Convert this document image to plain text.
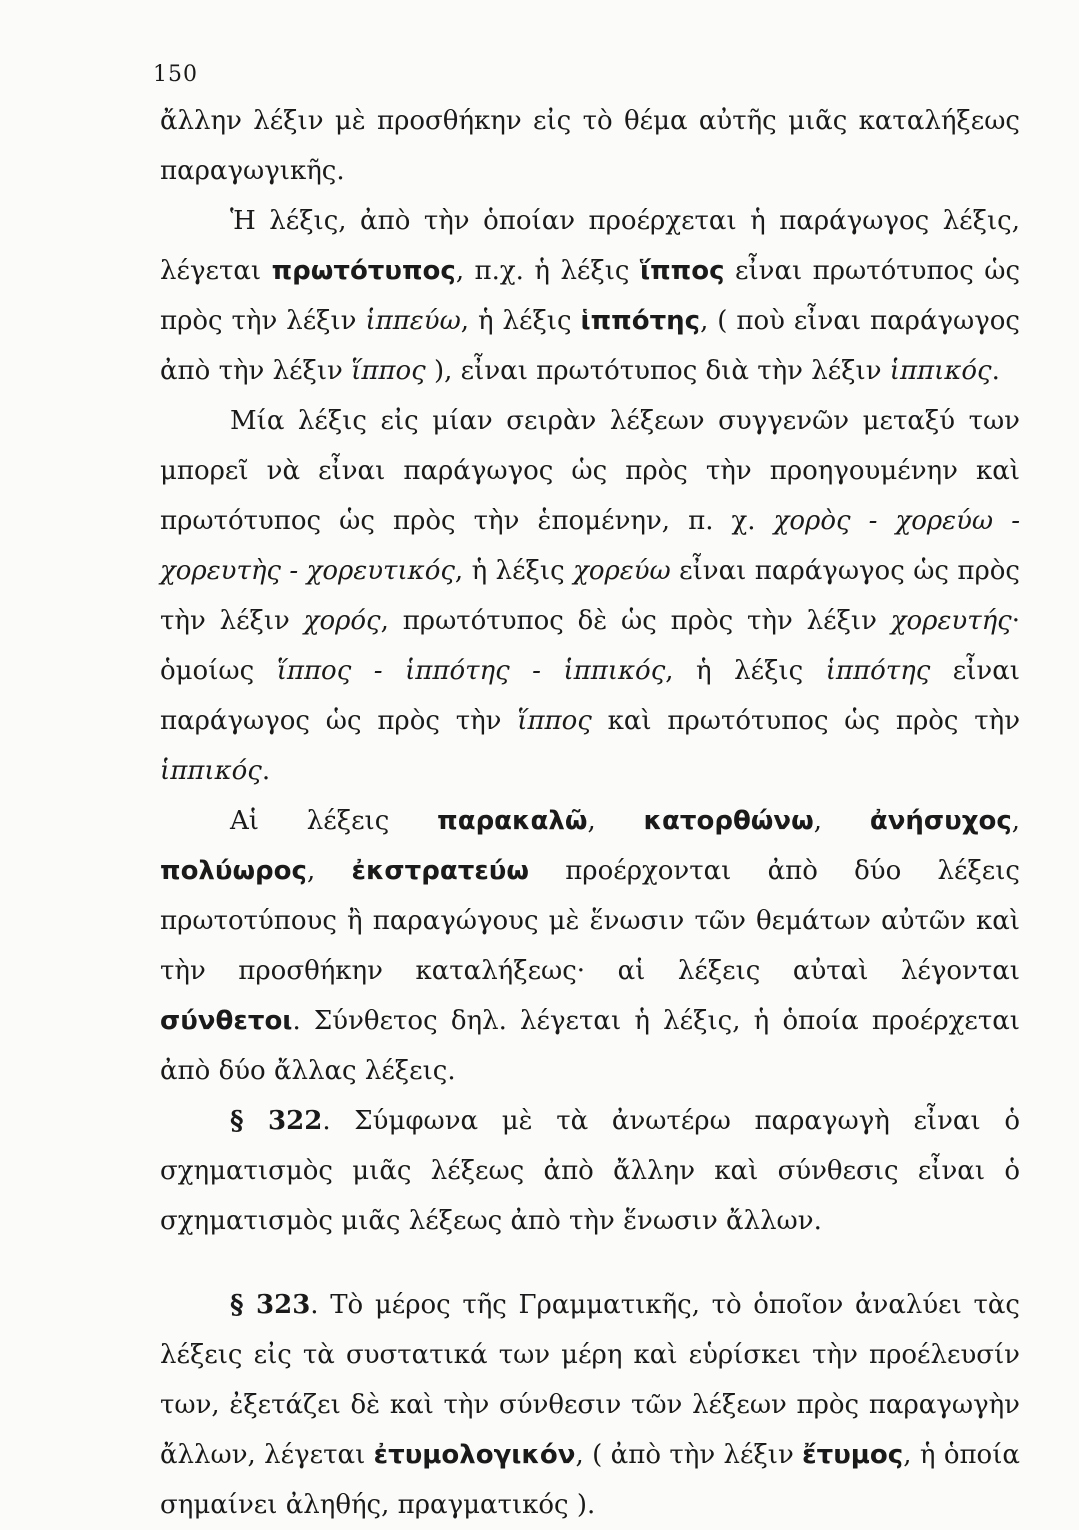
150

ἄλλην λέξιν μὲ προσθήκην εἰς τὸ θέμα αὐτῆς μιᾶς καταλήξεως παραγωγικῆς.

Ἡ λέξις, ἀπὸ τὴν ὁποίαν προέρχεται ἡ παράγωγος λέξις, λέγεται πρωτότυπος, π.χ. ἡ λέξις ἵππος εἶναι πρωτότυπος ὡς πρὸς τὴν λέξιν ἱππεύω, ἡ λέξις ἱππότης, ( ποὺ εἶναι παράγωγος ἀπὸ τὴν λέξιν ἵππος ), εἶναι πρωτότυπος διὰ τὴν λέξιν ἱππικός.

Μία λέξις εἰς μίαν σειρὰν λέξεων συγγενῶν μεταξύ των μπορεῖ νὰ εἶναι παράγωγος ὡς πρὸς τὴν προηγουμένην καὶ πρωτότυπος ὡς πρὸς τὴν ἑπομένην, π. χ. χορὸς - χορεύω - χορευτὴς - χορευτικός, ἡ λέξις χορεύω εἶναι παράγωγος ὡς πρὸς τὴν λέξιν χορός, πρωτότυπος δὲ ὡς πρὸς τὴν λέξιν χορευτής· ὁμοίως ἵππος - ἱππότης - ἱππικός, ἡ λέξις ἱππότης εἶναι παράγωγος ὡς πρὸς τὴν ἵππος καὶ πρωτότυπος ὡς πρὸς τὴν ἱππικός.

Αἱ λέξεις παρακαλῶ, κατορθώνω, ἀνήσυχος, πολύωρος, ἐκστρατεύω προέρχονται ἀπὸ δύο λέξεις πρωτοτύπους ἢ παραγώγους μὲ ἕνωσιν τῶν θεμάτων αὐτῶν καὶ τὴν προσθήκην καταλήξεως· αἱ λέξεις αὐταὶ λέγονται σύνθετοι. Σύνθετος δηλ. λέγεται ἡ λέξις, ἡ ὁποία προέρχεται ἀπὸ δύο ἄλλας λέξεις.

§ 322. Σύμφωνα μὲ τὰ ἀνωτέρω παραγωγὴ εἶναι ὁ σχηματισμὸς μιᾶς λέξεως ἀπὸ ἄλλην καὶ σύνθεσις εἶναι ὁ σχηματισμὸς μιᾶς λέξεως ἀπὸ τὴν ἕνωσιν ἄλλων.

§ 323. Τὸ μέρος τῆς Γραμματικῆς, τὸ ὁποῖον ἀναλύει τὰς λέξεις εἰς τὰ συστατικά των μέρη καὶ εὑρίσκει τὴν προέλευσίν των, ἐξετάζει δὲ καὶ τὴν σύνθεσιν τῶν λέξεων πρὸς παραγωγὴν ἄλλων, λέγεται ἐτυμολογικόν, ( ἀπὸ τὴν λέξιν ἔτυμος, ἡ ὁποία σημαίνει ἀληθής, πραγματικός ).
